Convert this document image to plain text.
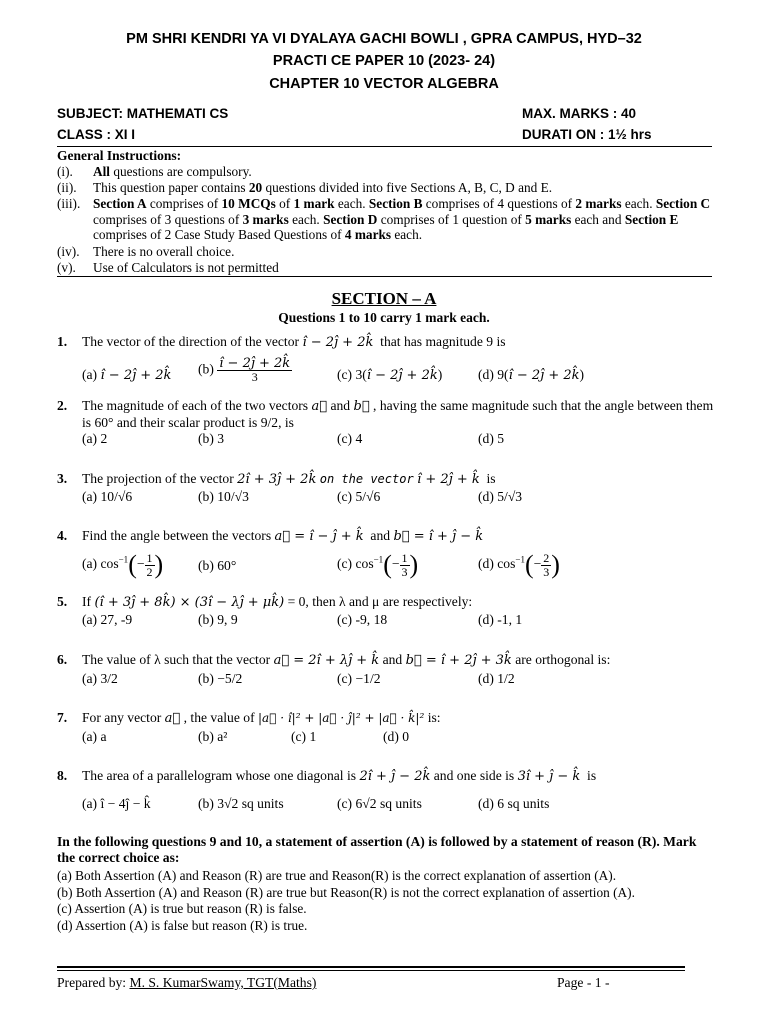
PM SHRI KENDRI YA VI DYALAYA GACHI BOWLI , GPRA CAMPUS, HYD–32
PRACTI CE PAPER 10 (2023- 24)
CHAPTER 10 VECTOR ALGEBRA
SUBJECT: MATHEMATI CS	MAX. MARKS : 40
CLASS : XI I	DURATI ON : 1½ hrs
General Instructions:
(i). All questions are compulsory.
(ii). This question paper contains 20 questions divided into five Sections A, B, C, D and E.
(iii). Section A comprises of 10 MCQs of 1 mark each. Section B comprises of 4 questions of 2 marks each. Section C comprises of 3 questions of 3 marks each. Section D comprises of 1 question of 5 marks each and Section E comprises of 2 Case Study Based Questions of 4 marks each.
(iv). There is no overall choice.
(v). Use of Calculators is not permitted
SECTION – A
Questions 1 to 10 carry 1 mark each.
1. The vector of the direction of the vector î − 2ĵ + 2k̂  that has magnitude 9 is
(a) î − 2ĵ + 2k̂ $(b) \frac{î - 2ĵ + 2k̂}{3}$	(c) 3(î − 2ĵ + 2k̂)	(d) 9(î − 2ĵ + 2k̂)
2. The magnitude of each of the two vectors a⃗ and b⃗ , having the same magnitude such that the angle between them is 60° and their scalar product is 9/2, is
(a) 2	(b) 3	(c) 4	(d) 5
3. The projection of the vector 2î + 3ĵ + 2k̂ on the vector î + 2ĵ + k̂  is
(a) 10/√6	(b) 10/√3	(c) 5/√6	(d) 5/√3
4. Find the angle between the vectors a⃗ = î − ĵ + k̂  and b⃗ = î + ĵ − k̂
(a) $\cos^{-1}(- \frac{1}{2}$ )	(b) 60°	(c) $\cos^{-1}(- \frac{1}{3}$ )	(d) $\cos^{-1}(- \frac{2}{3}$ )
5. If (î + 3ĵ + 8k̂) × (3î − λĵ + μk̂) = 0, then λ and μ are respectively:
(a) 27, -9	(b) 9, 9	(c) -9, 18	(d) -1, 1
6. The value of λ such that the vector a⃗ = 2î + λĵ + k̂ and b⃗ = î + 2ĵ + 3k̂ are orthogonal is:
(a) 3/2	(b) −5/2	(c) −1/2	(d) 1/2
7. For any vector a⃗ , the value of |a⃗ · î|² + |a⃗ · ĵ|² + |a⃗ · k̂|² is:
(a) a	(b) a²	(c) 1	(d) 0
8. The area of a parallelogram whose one diagonal is 2î + ĵ − 2k̂ and one side is 3î + ĵ − k̂  is
(a) î − 4ĵ − k̂	(b) 3√2 sq units	(c) 6√2 sq units	(d) 6 sq units
In the following questions 9 and 10, a statement of assertion (A) is followed by a statement of reason (R). Mark the correct choice as:
(a) Both Assertion (A) and Reason (R) are true and Reason(R) is the correct explanation of assertion (A).
(b) Both Assertion (A) and Reason (R) are true but Reason(R) is not the correct explanation of assertion (A).
(c) Assertion (A) is true but reason (R) is false.
(d) Assertion (A) is false but reason (R) is true.
Prepared by: M. S. KumarSwamy, TGT(Maths)	Page - 1 -
